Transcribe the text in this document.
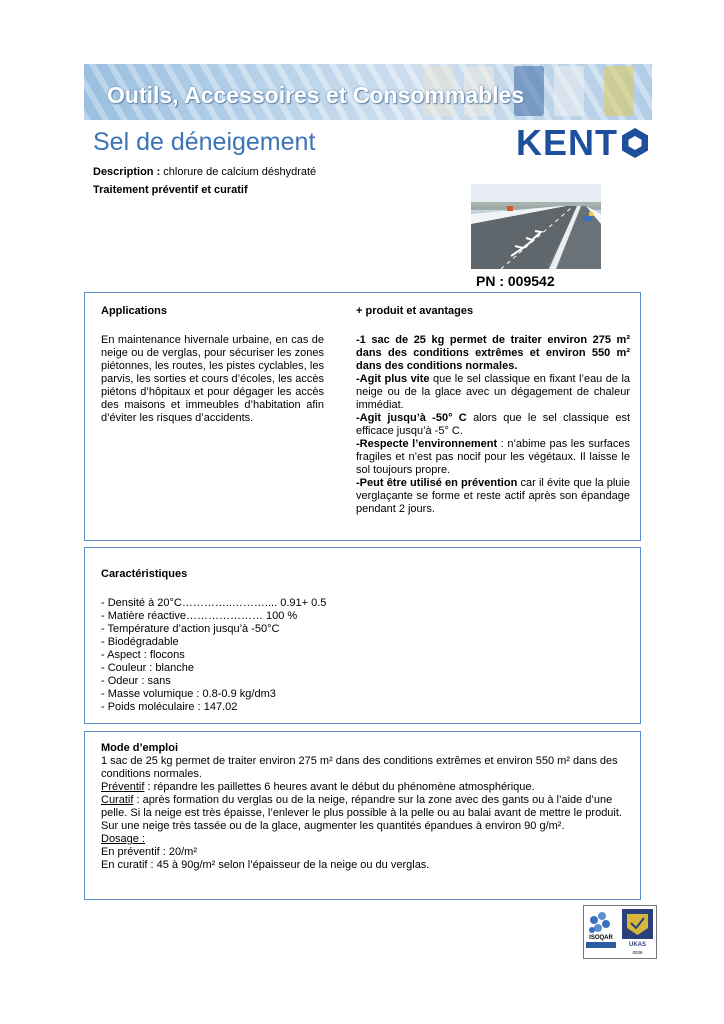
Outils, Accessoires et Consommables
Sel de déneigement	KENT
Description : chlorure de calcium déshydraté
Traitement préventif et curatif
PN : 009542
Applications
En maintenance hivernale urbaine, en cas de neige ou de verglas, pour sécuriser les zones piétonnes, les routes, les pistes cyclables, les parvis, les sorties et cours d’écoles, les accès piétons d’hôpitaux et pour dégager les accès des maisons et immeubles d’habitation afin d’éviter les risques d’accidents.
+ produit et avantages
-1 sac de 25 kg permet de traiter environ 275 m² dans des conditions extrêmes et environ 550 m² dans des conditions normales.
-Agit plus vite que le sel classique en fixant l’eau de la neige ou de la glace avec un dégagement de chaleur immédiat.
-Agit jusqu’à -50° C alors que le sel classique est efficace jusqu’à -5° C.
-Respecte l’environnement : n’abime pas les surfaces fragiles et n’est pas nocif pour les végétaux. Il laisse le sol toujours propre.
-Peut être utilisé en prévention car il évite que la pluie verglaçante se forme et reste actif après son épandage pendant 2 jours.
Caractéristiques
- Densité à 20°C…………..……….... 0.91+ 0.5
- Matière réactive………………… 100 %
- Température d’action jusqu’à -50°C
- Biodégradable
- Aspect : flocons
- Couleur : blanche
- Odeur : sans
- Masse volumique : 0.8-0.9 kg/dm3
- Poids moléculaire : 147.02
Mode d’emploi
1 sac de 25 kg permet de traiter environ 275 m² dans des conditions extrêmes et environ 550 m² dans des conditions normales.
Préventif : répandre les paillettes 6 heures avant le début du phénomène atmosphérique.
Curatif : après formation du verglas ou de la neige, répandre sur la zone avec des gants ou à l’aide d’une pelle. Si la neige est très épaisse, l’enlever le plus possible à la pelle ou au balai avant de mettre le produit. Sur une neige très tassée ou de la glace, augmenter les quantités épandues à environ 90 g/m².
Dosage :
En préventif : 20/m²
En curatif : 45 à 90g/m² selon l’épaisseur de la neige ou du verglas.
ISOQAR
UKAS
0026
